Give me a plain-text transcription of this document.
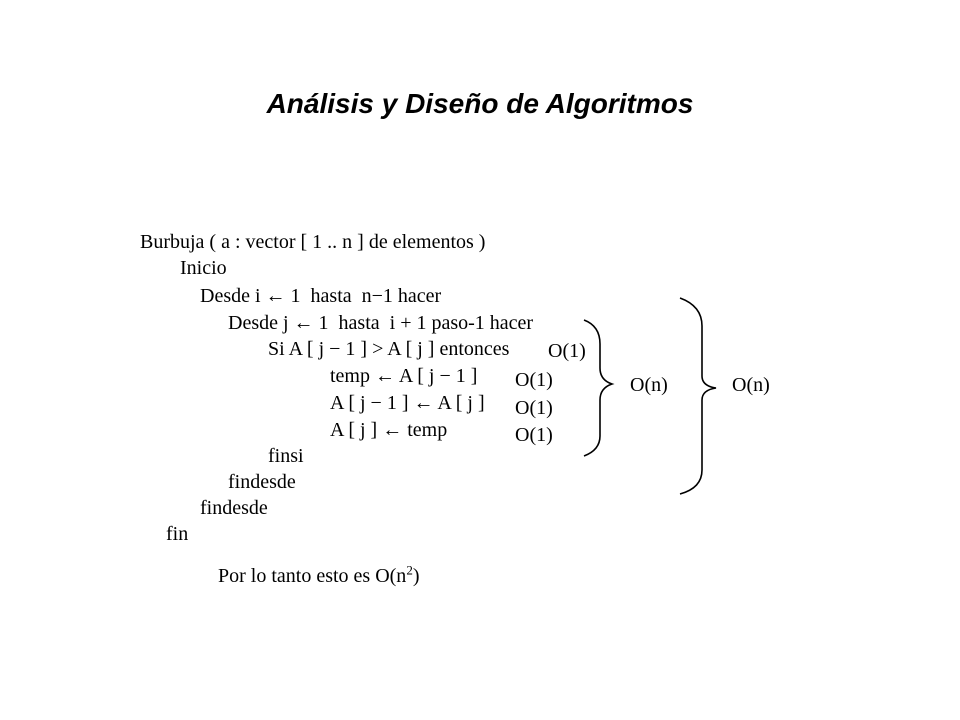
Análisis y Diseño de Algoritmos
Burbuja ( a : vector [ 1 .. n ] de elementos )
Inicio
Desde i ← 1  hasta  n−1 hacer
Desde j ← 1  hasta  i + 1 paso-1 hacer
Si A [ j − 1 ] > A [ j ] entonces
temp ← A [ j − 1 ]
A [ j − 1 ] ← A [ j ]
A [ j ] ← temp
finsi
findesde
findesde
fin
O(1)
O(1)
O(1)
O(1)
O(n)	O(n)
Por lo tanto esto es $O(n^2)$
